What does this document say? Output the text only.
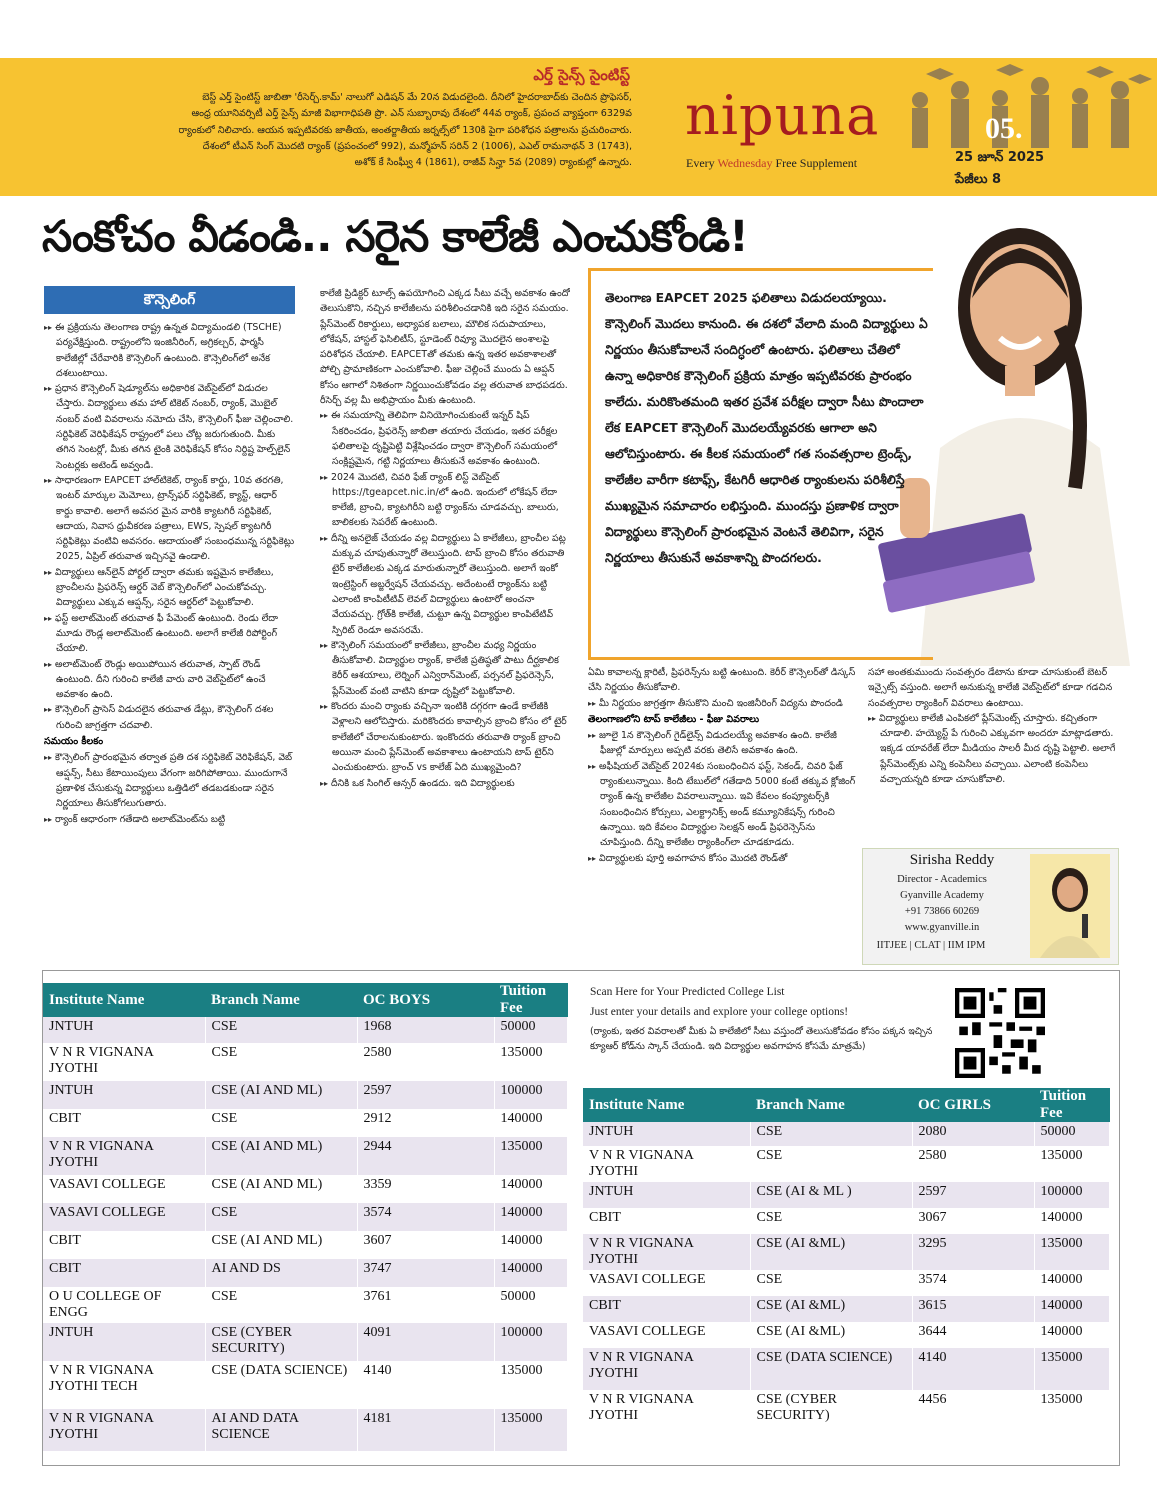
ఎర్త్ సైన్స్ సైంటిస్ట్
బెస్ట్ ఎర్త్ సైంటిస్ట్ జాబితా 'రీసెర్చ్.కామ్' నాలుగో ఎడిషన్ మే 20న విడుదలైంది. దీనిలో హైదరాబాద్‌కు చెందిన ప్రొఫెసర్,
ఆంధ్ర యూనివర్సిటీ ఎర్త్ సైన్స్ మాజీ విభాగాధిపతి ప్రొ. ఎన్ సుబ్బారావు దేశంలో 44వ ర్యాంక్, ప్రపంచ వ్యాప్తంగా 6329వ
ర్యాంకులో నిలిచారు. ఆయన ఇప్పటివరకు జాతీయ, అంతర్జాతీయ జర్నల్స్‌లో 130కి పైగా పరిశోధన పత్రాలను ప్రచురించారు.
దేశంలో టీఎన్ సింగ్ మొదటి ర్యాంక్ (ప్రపంచంలో 992), మన్మోహన్ సరిన్ 2 (1006), ఎఎల్ రామనాథన్ 3 (1743),
అశోక్ కే సింఘ్వీ 4 (1861), రాజీవ్ సిన్హా 5వ (2089) ర్యాంకుల్లో ఉన్నారు.
nipuna
Every Wednesday Free Supplement
05.
25 జూన్ 2025
పేజీలు 8
సంకోచం వీడండి.. సరైన కాలేజీ ఎంచుకోండి!
కౌన్సెలింగ్

▸▸ ఈ ప్రక్రియను తెలంగాణ రాష్ట్ర ఉన్నత విద్యామండలి (TSCHE) పర్యవేక్షిస్తుంది. రాష్ట్రంలోని ఇంజినీరింగ్, అగ్రికల్చర్, ఫార్మసీ కాలేజీల్లో చేరేవారికి కౌన్సెలింగ్ ఉంటుంది. కౌన్సెలింగ్‌లో అనేక దశలుంటాయి.

▸▸ ప్రధాన కౌన్సెలింగ్ షెడ్యూల్‌ను అధికారిక వెబ్‌సైట్‌లో విడుదల చేస్తారు. విద్యార్థులు తమ హాల్ టికెట్ నంబర్, ర్యాంక్, మొబైల్ నంబర్ వంటి వివరాలను నమోదు చేసి, కౌన్సెలింగ్ ఫీజు చెల్లించాలి. సర్టిఫికెట్ వెరిఫికేషన్ రాష్ట్రంలో పలు చోట్ల జరుగుతుంది. మీకు తగిన సెంటర్లో, మీకు తగిన టైంకి వెరిఫికేషన్ కోసం నిర్దిష్ట హెల్ప్‌లైన్ సెంటర్లకు అటెండ్ అవ్వండి.

▸▸ సాధారణంగా EAPCET హాల్‌టికెట్, ర్యాంక్ కార్డు, 10వ తరగతి, ఇంటర్ మార్కుల మెమోలు, ట్రాన్స్‌ఫర్ సర్టిఫికెట్, క్యాస్ట్, ఆధార్ కార్డు కావాలి. అలాగే అవసర మైన వారికి క్యాటగిరీ సర్టిఫికెట్, ఆదాయ, నివాస ధ్రువీకరణ పత్రాలు, EWS, స్పెషల్ క్యాటగిరీ సర్టిఫికెట్లు వంటివి అవసరం. ఆదాయంతో సంబంధమున్న సర్టిఫికెట్లు 2025, ఏప్రిల్ తరువాత ఇచ్చినవై ఉండాలి.

▸▸ విద్యార్థులు ఆన్‌లైన్ పోర్టల్ ద్వారా తమకు ఇష్టమైన కాలేజీలు, బ్రాంచీలను ప్రిఫరెన్స్ ఆర్డర్ వెబ్ కౌన్సెలింగ్‌లో ఎంచుకోవచ్చు. విద్యార్థులు ఎక్కువ ఆప్షన్స్, సరైన ఆర్డర్‌లో పెట్టుకోవాలి.

▸▸ ఫస్ట్ అలాట్‌మెంట్ తరువాత ఫీ పేమెంట్ ఉంటుంది. రెండు లేదా మూడు రౌండ్ల అలాట్‌మెంట్ ఉంటుంది. అలాగే కాలేజీ రిపోర్టింగ్ చేయాలి.

▸▸ అలాట్‌మెంట్ రౌండ్లు అయిపోయిన తరువాత, స్పాట్ రౌండ్ ఉంటుంది. దీని గురించి కాలేజీ వారు వారి వెబ్‌సైట్‌లో ఉంచే అవకాశం ఉంది.

▸▸ కౌన్సెలింగ్ ప్రాసెస్ విడుదలైన తరువాత డేట్లు, కౌన్సెలింగ్ దశల గురించి జాగ్రత్తగా చదవాలి.

సమయం కీలకం

▸▸ కౌన్సెలింగ్ ప్రారంభమైన తర్వాత ప్రతి దశ సర్టిఫికెట్ వెరిఫికేషన్, వెబ్ ఆప్షన్స్, సీటు కేటాయింపులు వేగంగా జరిగిపోతాయి. ముందుగానే ప్రణాళిక చేసుకున్న విద్యార్థులు ఒత్తిడిలో తడబడకుండా సరైన నిర్ణయాలు తీసుకోగలుగుతారు.

▸▸ ర్యాంక్ ఆధారంగా గతేడాది అలాట్‌మెంట్‌ను బట్టి

కాలేజీ ప్రిడిక్టర్ టూల్స్ ఉపయోగించి ఎక్కడ సీటు వచ్చే అవకాశం ఉందో తెలుసుకొని, నచ్చిన కాలేజీలను పరిశీలించడానికి ఇది సరైన సమయం. ప్లేస్‌మెంట్ రికార్డులు, అధ్యాపక బలాలు, మౌలిక సదుపాయాలు, లోకేషన్, హాస్టల్ ఫెసిలిటీస్, స్టూడెంట్ రివ్యూ మొదలైన అంశాలపై పరిశోధన చేయాలి. EAPCETతో తమకు ఉన్న ఇతర అవకాశాలతో పోల్చి ప్రామాణికంగా ఎంచుకోవాలి. ఫీజు చెల్లించే ముందు ఏ ఆప్షన్ కోసం ఆగాలో నిశితంగా నిర్ణయించుకోవడం వల్ల తరువాత బాధపడరు. రీసెర్చ్ వల్ల మీ అభిప్రాయం మీకు ఉంటుంది.

▸▸ ఈ సమయాన్ని తెలివిగా వినియోగించుకుంటే ఇన్నర్ షిప్ సేకరించడం, ప్రిఫరెన్స్ జాబితా తయారు చేయడం, ఇతర పరీక్షల ఫలితాలపై దృష్టిపెట్టి విశ్లేషించడం ద్వారా కౌన్సెలింగ్ సమయంలో సంక్లిష్టమైన, గట్టి నిర్ణయాలు తీసుకునే అవకాశం ఉంటుంది.

▸▸ 2024 మొదటి, చివరి ఫేజ్ ర్యాంక్ లిస్ట్ వెబ్‌సైట్ https://tgeapcet.nic.in/లో ఉంది. ఇందులో లోకేషన్ లేదా కాలేజీ, బ్రాంచి, క్యాటగిరీని బట్టి ర్యాంక్‌ను చూడవచ్చు. బాలురు, బాలికలకు సెపరేట్ ఉంటుంది.

▸▸ దీన్ని అనలైజ్ చేయడం వల్ల విద్యార్థులు ఏ కాలేజీలు, బ్రాంచీల పట్ల మక్కువ చూపుతున్నారో తెలుస్తుంది. టాప్ బ్రాంచి కోసం తరువాతి టైర్ కాలేజీలకు ఎక్కడ మారుతున్నారో తెలుస్తుంది. అలాగే ఇంకో ఇంట్రెస్టింగ్ అబ్జర్వేషన్ చేయవచ్చు. అదేంటంటే ర్యాంక్‌ను బట్టి ఎలాంటి కాంపిటీటివ్ లెవల్ విద్యార్థులు ఉంటారో అంచనా వేయవచ్చు. గ్రోత్‌కి కాలేజీ, చుట్టూ ఉన్న విద్యార్థుల కాంపిటేటివ్ స్పిరిట్ రెండూ అవసరమే.

▸▸ కౌన్సెలింగ్ సమయంలో కాలేజీలు, బ్రాంచీల మధ్య నిర్ణయం తీసుకోవాలి. విద్యార్థుల ర్యాంక్, కాలేజీ ప్రతిష్ఠతో పాటు దీర్ఘకాలిక కెరీర్ ఆశయాలు, లెర్నింగ్ ఎన్విరాన్‌మెంట్, పర్సనల్ ప్రిఫరెన్సెస్, ప్లేస్‌మెంట్ వంటి వాటిని కూడా దృష్టిలో పెట్టుకోవాలి.

▸▸ కొందరు మంచి ర్యాంకు వచ్చినా ఇంటికి దగ్గరగా ఉండే కాలేజీకి వెళ్లాలని ఆలోచిస్తారు. మరికొందరు కావాల్సిన బ్రాంచి కోసం లో టైర్ కాలేజీలో చేరాలనుకుంటారు. ఇంకొందరు తరువాతి ర్యాంక్ బ్రాంచి అయినా మంచి ప్లేస్‌మెంట్ అవకాశాలు ఉంటాయని టాప్ టైర్‌ని ఎంచుకుంటారు. బ్రాంచ్ vs కాలేజ్ ఏది ముఖ్యమైంది?

▸▸ దీనికి ఒక సింగిల్ ఆన్సర్ ఉండదు. ఇది విద్యార్థులకు

తెలంగాణ EAPCET 2025 ఫలితాలు విడుదలయ్యాయి. కౌన్సెలింగ్ మొదలు కానుంది. ఈ దశలో వేలాది మంది విద్యార్థులు ఏ నిర్ణయం తీసుకోవాలనే సందిగ్ధంలో ఉంటారు. ఫలితాలు చేతిలో ఉన్నా అధికారిక కౌన్సెలింగ్ ప్రక్రియ మాత్రం ఇప్పటివరకు ప్రారంభం కాలేదు. మరికొంతమంది ఇతర ప్రవేశ పరీక్షల ద్వారా సీటు పొందాలా లేక EAPCET కౌన్సెలింగ్ మొదలయ్యేవరకు ఆగాలా అని ఆలోచిస్తుంటారు. ఈ కీలక సమయంలో గత సంవత్సరాల ట్రెండ్స్, కాలేజీల వారీగా కటాఫ్స్, కేటగిరీ ఆధారిత ర్యాంకులను పరిశీలిస్తే ముఖ్యమైన సమాచారం లభిస్తుంది. ముందస్తు ప్రణాళిక ద్వారా విద్యార్థులు కౌన్సెలింగ్ ప్రారంభమైన వెంటనే తెలివిగా, సరైన నిర్ణయాలు తీసుకునే అవకాశాన్ని పొందగలరు.

ఏమి కావాలన్న క్లారిటీ, ప్రిఫరెన్స్‌ను బట్టి ఉంటుంది. కెరీర్ కౌన్సెలర్‌తో డిస్కస్ చేసి నిర్ణయం తీసుకోవాలి.

▸▸ మీ నిర్ణయం జాగ్రత్తగా తీసుకొని మంచి ఇంజినీరింగ్ విద్యను పొందండి

తెలంగాణలోని టాప్ కాలేజీలు - ఫీజు వివరాలు

▸▸ జూలై 1న కౌన్సెలింగ్ గైడ్‌లైన్స్ విడుదలయ్యే అవకాశం ఉంది. కాలేజీ ఫీజుల్లో మార్పులు అప్పటి వరకు తెలిసే అవకాశం ఉంది.

▸▸ అఫీషియల్ వెబ్‌సైట్ 2024కు సంబంధించిన ఫస్ట్, సెకండ్, చివరి ఫేజ్ ర్యాంకులున్నాయి. కింది టేబుల్‌లో గతేడాది 5000 కంటే తక్కువ క్లోజింగ్ ర్యాంక్ ఉన్న కాలేజీల వివరాలున్నాయి. ఇవి కేవలం కంప్యూటర్స్‌కి సంబంధించిన కోర్సులు, ఎలక్ట్రానిక్స్ అండ్ కమ్యూనికేషన్స్ గురించి ఉన్నాయి. ఇది కేవలం విద్యార్థుల సెలక్షన్ అండ్ ప్రిఫరెన్సెస్‌ను చూపిస్తుంది. దీన్ని కాలేజీల ర్యాంకింగ్‌లా చూడకూడదు.

▸▸ విద్యార్థులకు పూర్తి అవగాహన కోసం మొదటి రౌండ్‌తో

సహా అంతకుముందు సంవత్సరం డేటాను కూడా చూసుకుంటే బెటర్ ఇన్సైట్స్ వస్తుంది. అలాగే అనుకున్న కాలేజీ వెబ్‌సైట్‌లో కూడా గడచిన సంవత్సరాల ర్యాంకింగ్ వివరాలు ఉంటాయి.

▸▸ విద్యార్థులు కాలేజీ ఎంపికలో ప్లేస్‌మెంట్స్ చూస్తారు. కచ్చితంగా చూడాలి. హయ్యెస్ట్ పే గురించి ఎక్కువగా అందరూ మాట్లాడతారు. ఇక్కడ యావరేజ్ లేదా మీడియం సాలరీ మీద దృష్టి పెట్టాలి. అలాగే ప్లేస్‌మెంట్స్‌కు ఎన్ని కంపెనీలు వచ్చాయి. ఎలాంటి కంపెనీలు వచ్చాయన్నది కూడా చూసుకోవాలి.

Sirisha Reddy
Director - Academics
Gyanville Academy
+91 73866 60269
www.gyanville.in
IITJEE | CLAT | IIM IPM
Institute Name	Branch Name	OC BOYS	Tuition Fee
JNTUH	CSE	1968	50000
V N R VIGNANA JYOTHI	CSE	2580	135000
JNTUH	CSE (AI AND ML)	2597	100000
CBIT	CSE	2912	140000
V N R VIGNANA JYOTHI	CSE (AI AND ML)	2944	135000
VASAVI COLLEGE	CSE (AI AND ML)	3359	140000
VASAVI COLLEGE	CSE	3574	140000
CBIT	CSE (AI AND ML)	3607	140000
CBIT	AI AND DS	3747	140000
O U COLLEGE OF ENGG	CSE	3761	50000
JNTUH	CSE (CYBER SECURITY)	4091	100000
V N R VIGNANA JYOTHI TECH	CSE (DATA SCIENCE)	4140	135000
V N R VIGNANA JYOTHI	AI AND DATA SCIENCE	4181	135000
Scan Here for Your Predicted College List
Just enter your details and explore your college options!
(ర్యాంకు, ఇతర వివరాలతో మీకు ఏ కాలేజీలో సీటు వస్తుందో తెలుసుకోవడం కోసం పక్కన ఇచ్చిన క్యూఆర్ కోడ్‌ను స్కాన్ చేయండి. ఇది విద్యార్థుల అవగాహన కోసమే మాత్రమే)
Institute Name	Branch Name	OC GIRLS	Tuition Fee
JNTUH	CSE	2080	50000
V N R VIGNANA JYOTHI	CSE	2580	135000
JNTUH	CSE (AI & ML )	2597	100000
CBIT	CSE	3067	140000
V N R VIGNANA JYOTHI	CSE (AI &ML)	3295	135000
VASAVI COLLEGE	CSE	3574	140000
CBIT	CSE (AI &ML)	3615	140000
VASAVI COLLEGE	CSE (AI &ML)	3644	140000
V N R VIGNANA JYOTHI	CSE (DATA SCIENCE)	4140	135000
V N R VIGNANA JYOTHI	CSE (CYBER SECURITY)	4456	135000
